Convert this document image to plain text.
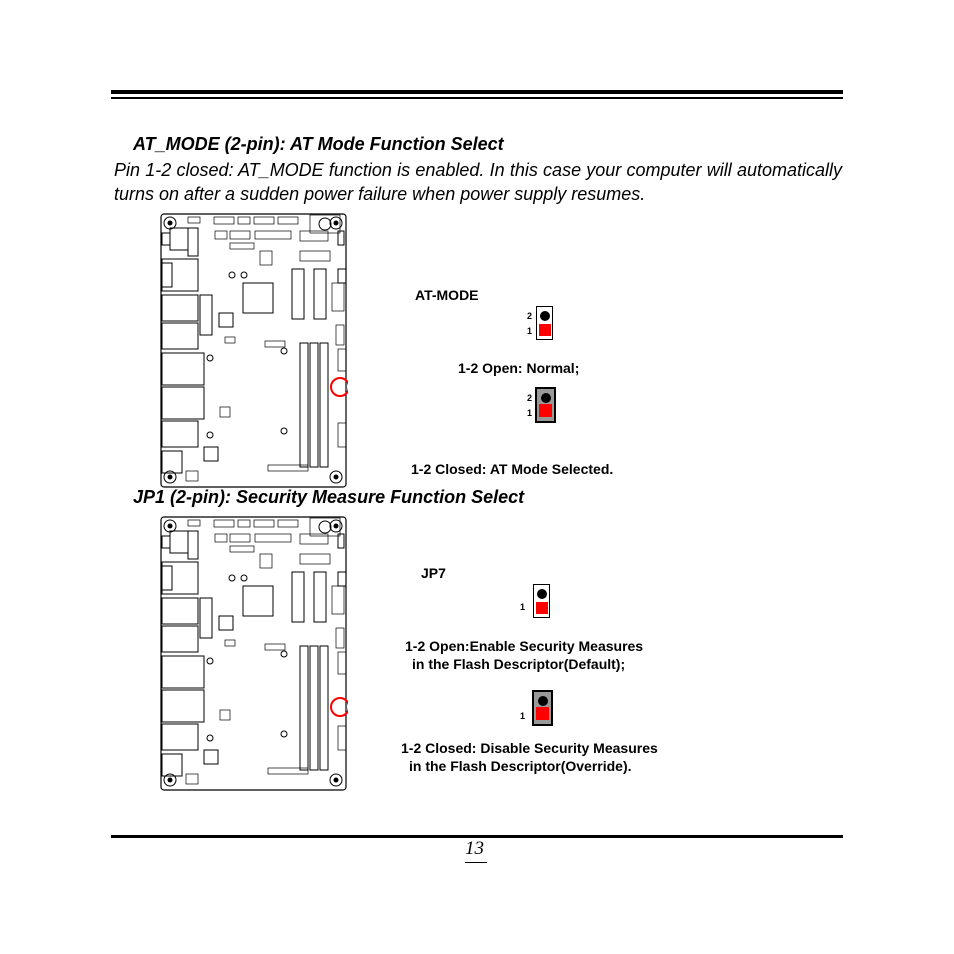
AT_MODE (2-pin): AT Mode Function Select
Pin 1-2 closed: AT_MODE function is enabled. In this case your computer will automatically turns on after a sudden power failure when power supply resumes.
AT-MODE
2
1
1-2 Open: Normal;
2
1
1-2 Closed: AT Mode Selected.
JP1 (2-pin): Security Measure Function Select
JP7
1
1-2 Open:Enable Security Measures
in the Flash Descriptor(Default);
1
1-2 Closed: Disable Security Measures
in the Flash Descriptor(Override).
13
